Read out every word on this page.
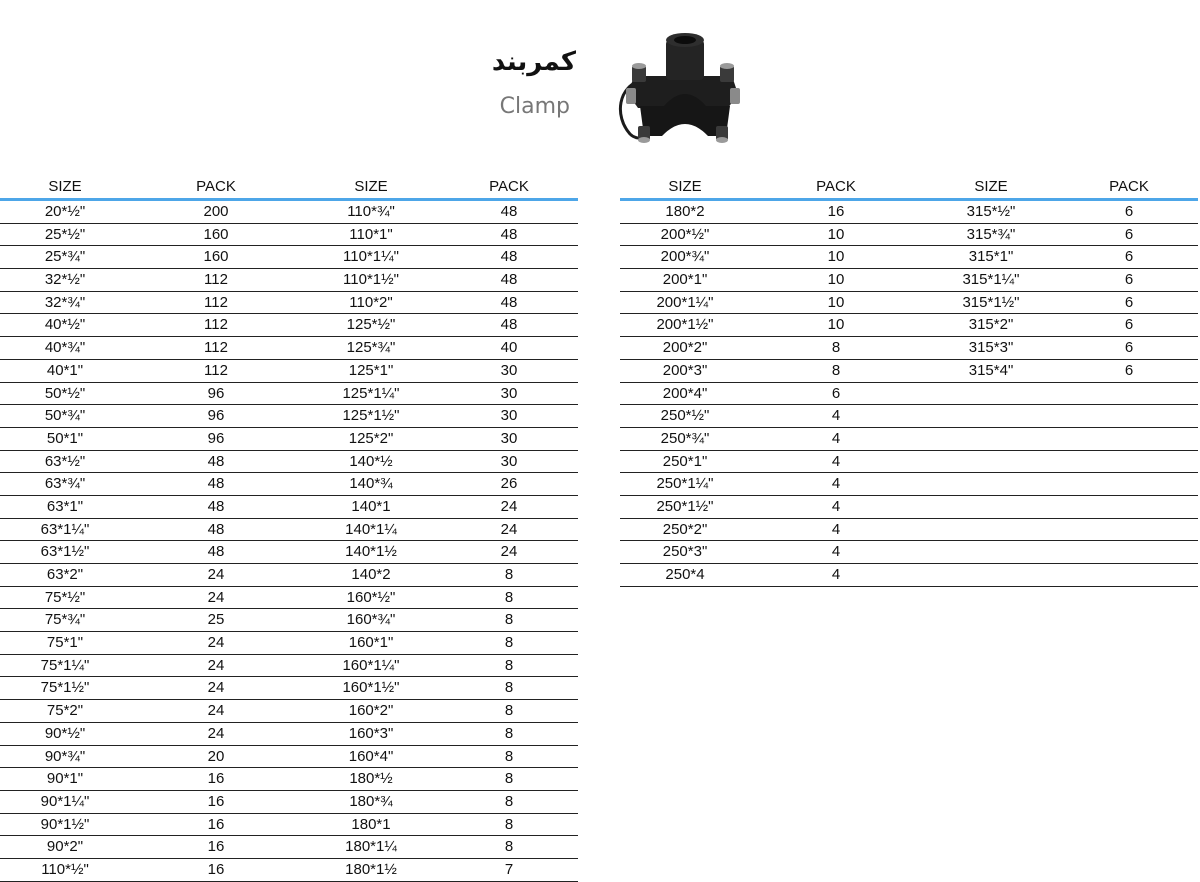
کمربند
Clamp
SIZE	PACK	SIZE	PACK
20*½"	200	110*¾"	48
25*½"	160	110*1"	48
25*¾"	160	110*1¼"	48
32*½"	112	110*1½"	48
32*¾"	112	110*2"	48
40*½"	112	125*½"	48
40*¾"	112	125*¾"	40
40*1"	112	125*1"	30
50*½"	96	125*1¼"	30
50*¾"	96	125*1½"	30
50*1"	96	125*2"	30
63*½"	48	140*½	30
63*¾"	48	140*¾	26
63*1"	48	140*1	24
63*1¼"	48	140*1¼	24
63*1½"	48	140*1½	24
63*2"	24	140*2	8
75*½"	24	160*½"	8
75*¾"	25	160*¾"	8
75*1"	24	160*1"	8
75*1¼"	24	160*1¼"	8
75*1½"	24	160*1½"	8
75*2"	24	160*2"	8
90*½"	24	160*3"	8
90*¾"	20	160*4"	8
90*1"	16	180*½	8
90*1¼"	16	180*¾	8
90*1½"	16	180*1	8
90*2"	16	180*1¼	8
110*½"	16	180*1½	7
SIZE	PACK	SIZE	PACK
180*2	16	315*½"	6
200*½"	10	315*¾"	6
200*¾"	10	315*1"	6
200*1"	10	315*1¼"	6
200*1¼"	10	315*1½"	6
200*1½"	10	315*2"	6
200*2"	8	315*3"	6
200*3"	8	315*4"	6
200*4"	6
250*½"	4
250*¾"	4
250*1"	4
250*1¼"	4
250*1½"	4
250*2"	4
250*3"	4
250*4	4
